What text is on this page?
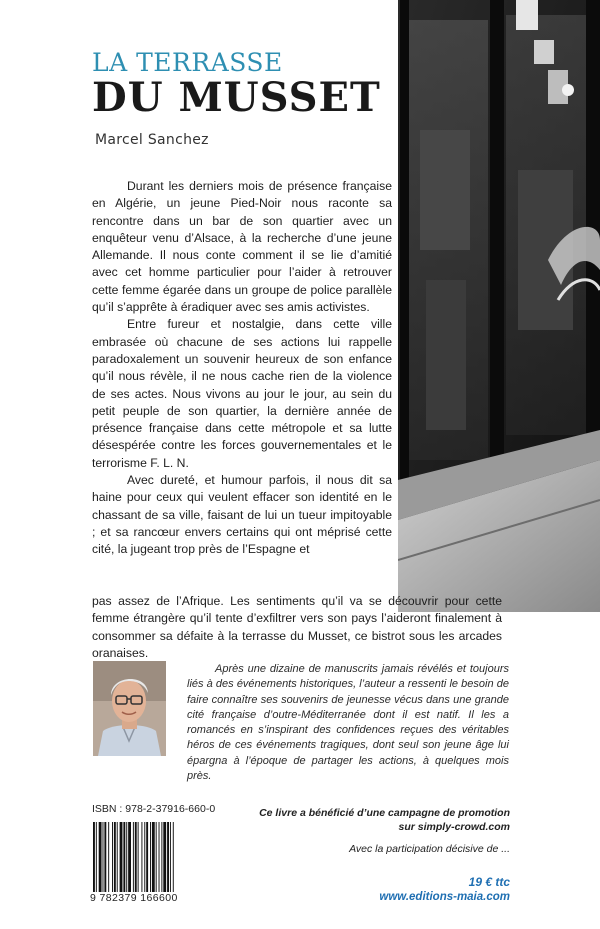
LA TERRASSE
DU MUSSET
Marcel Sanchez

Durant les derniers mois de présence française en Algérie, un jeune Pied-Noir nous raconte sa rencontre dans un bar de son quartier avec un enquêteur venu d’Alsace, à la recherche d’une jeune Allemande. Il nous conte comment il se lie d’amitié avec cet homme particulier pour l’aider à retrouver cette femme égarée dans un groupe de police parallèle qu’il s’apprête à éradiquer avec ses amis activistes.

Entre fureur et nostalgie, dans cette ville embrasée où chacune de ses actions lui rappelle paradoxalement un souvenir heureux de son enfance qu’il nous révèle, il ne nous cache rien de la violence de ses actes. Nous vivons au jour le jour, au sein du petit peuple de son quartier, la dernière année de présence française dans cette métropole et sa lutte désespérée contre les forces gouvernementales et le terrorisme F. L. N.

Avec dureté, et humour parfois, il nous dit sa haine pour ceux qui veulent effacer son identité en le chassant de sa ville, faisant de lui un tueur impitoyable ; et sa rancœur envers certains qui ont méprisé cette cité, la jugeant trop près de l’Espagne et

pas assez de l’Afrique. Les sentiments qu’il va se découvrir pour cette femme étrangère qu’il tente d’exfiltrer vers son pays l’aideront finalement à consommer sa défaite à la terrasse du Musset, ce bistrot sous les arcades oranaises.

Après une dizaine de manuscrits jamais révélés et toujours liés à des événements historiques, l’auteur a ressenti le besoin de faire connaître ses souvenirs de jeunesse vécus dans une grande cité française d’outre-Méditerranée dont il est natif. Il les a romancés en s’inspirant des confidences reçues des véritables héros de ces événements tragiques, dont seul son jeune âge lui épargna à l’époque de partager les actions, à quelques mois près.

ISBN : 978-2-37916-660-0
9 782379 166600
Ce livre a bénéficié d’une campagne de promotion
sur simply-crowd.com
Avec la participation décisive de ...
19 € ttc
www.editions-maia.com
